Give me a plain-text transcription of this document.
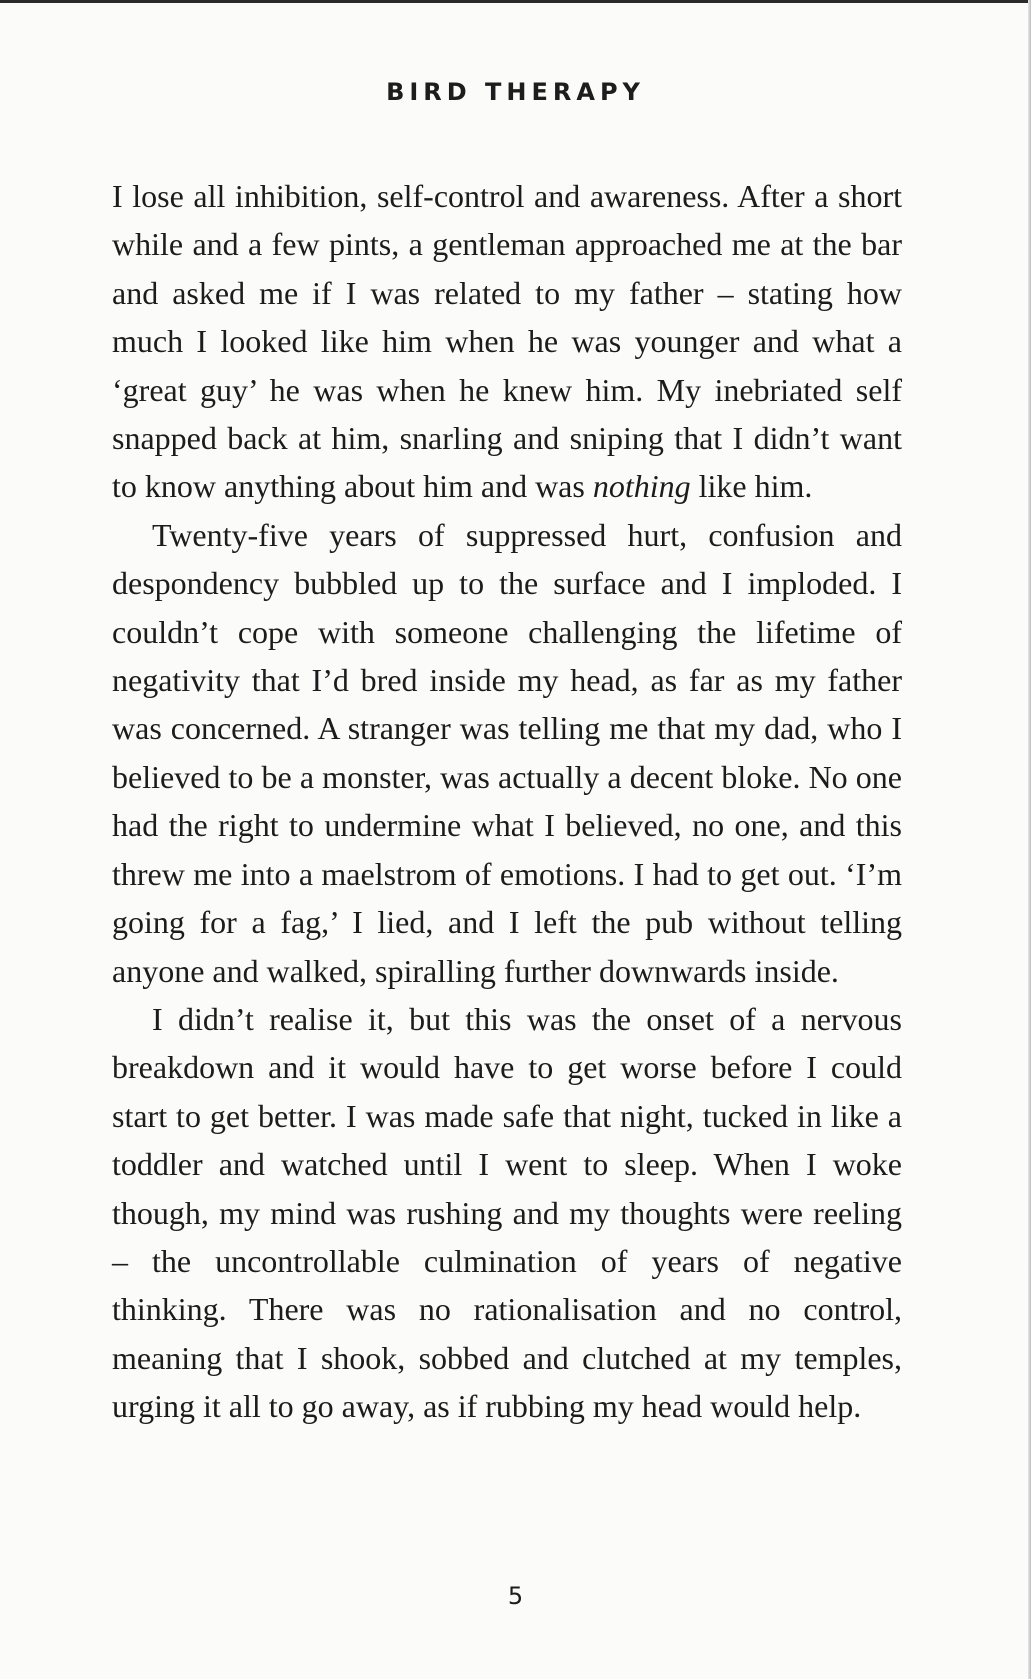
BIRD THERAPY

I lose all inhibition, self-control and awareness. After a short while and a few pints, a gentleman approached me at the bar and asked me if I was related to my father – stating how much I looked like him when he was younger and what a ‘great guy’ he was when he knew him. My inebriated self snapped back at him, snarling and sniping that I didn’t want to know anything about him and was nothing like him.

Twenty-five years of suppressed hurt, confusion and despondency bubbled up to the surface and I imploded. I couldn’t cope with someone challenging the lifetime of negativity that I’d bred inside my head, as far as my father was concerned. A stranger was telling me that my dad, who I believed to be a monster, was actually a decent bloke. No one had the right to undermine what I believed, no one, and this threw me into a maelstrom of emotions. I had to get out. ‘I’m going for a fag,’ I lied, and I left the pub without telling anyone and walked, spiralling further downwards inside.

I didn’t realise it, but this was the onset of a nervous breakdown and it would have to get worse before I could start to get better. I was made safe that night, tucked in like a toddler and watched until I went to sleep. When I woke though, my mind was rushing and my thoughts were reeling – the uncontrollable culmination of years of negative thinking. There was no rationalisation and no control, meaning that I shook, sobbed and clutched at my temples, urging it all to go away, as if rubbing my head would help.

5
